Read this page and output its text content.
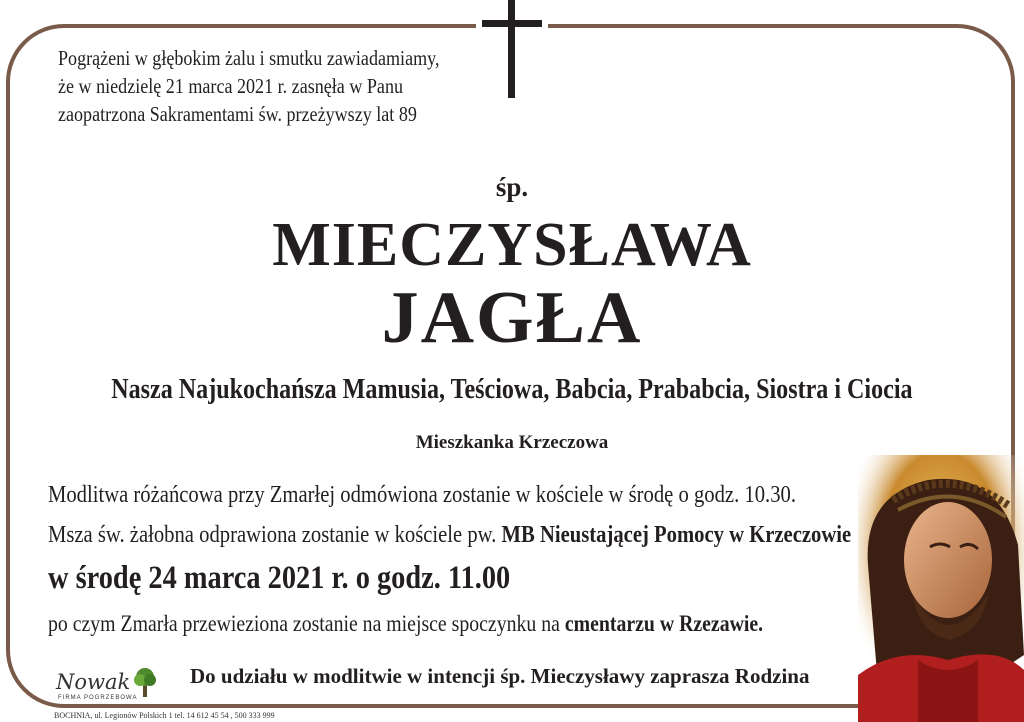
Pogrążeni w głębokim żalu i smutku zawiadamiamy,
że w niedzielę 21 marca 2021 r. zasnęła w Panu
zaopatrzona Sakramentami św. przeżywszy lat 89
śp.
MIECZYSŁAWA
JAGŁA
Nasza Najukochańsza Mamusia, Teściowa, Babcia, Prababcia, Siostra i Ciocia
Mieszkanka Krzeczowa
Modlitwa różańcowa przy Zmarłej odmówiona zostanie w kościele w środę o godz. 10.30.
Msza św. żałobna odprawiona zostanie w kościele pw. MB Nieustającej Pomocy w Krzeczowie
w środę 24 marca 2021 r. o godz. 11.00
po czym Zmarła przewieziona zostanie na miejsce spoczynku na cmentarzu w Rzezawie.
Do udziału w modlitwie w intencji śp. Mieczysławy zaprasza Rodzina
Nowak
FIRMA POGRZEBOWA
BOCHNIA, ul. Legionów Polskich 1 tel. 14 612 45 54 , 500 333 999
